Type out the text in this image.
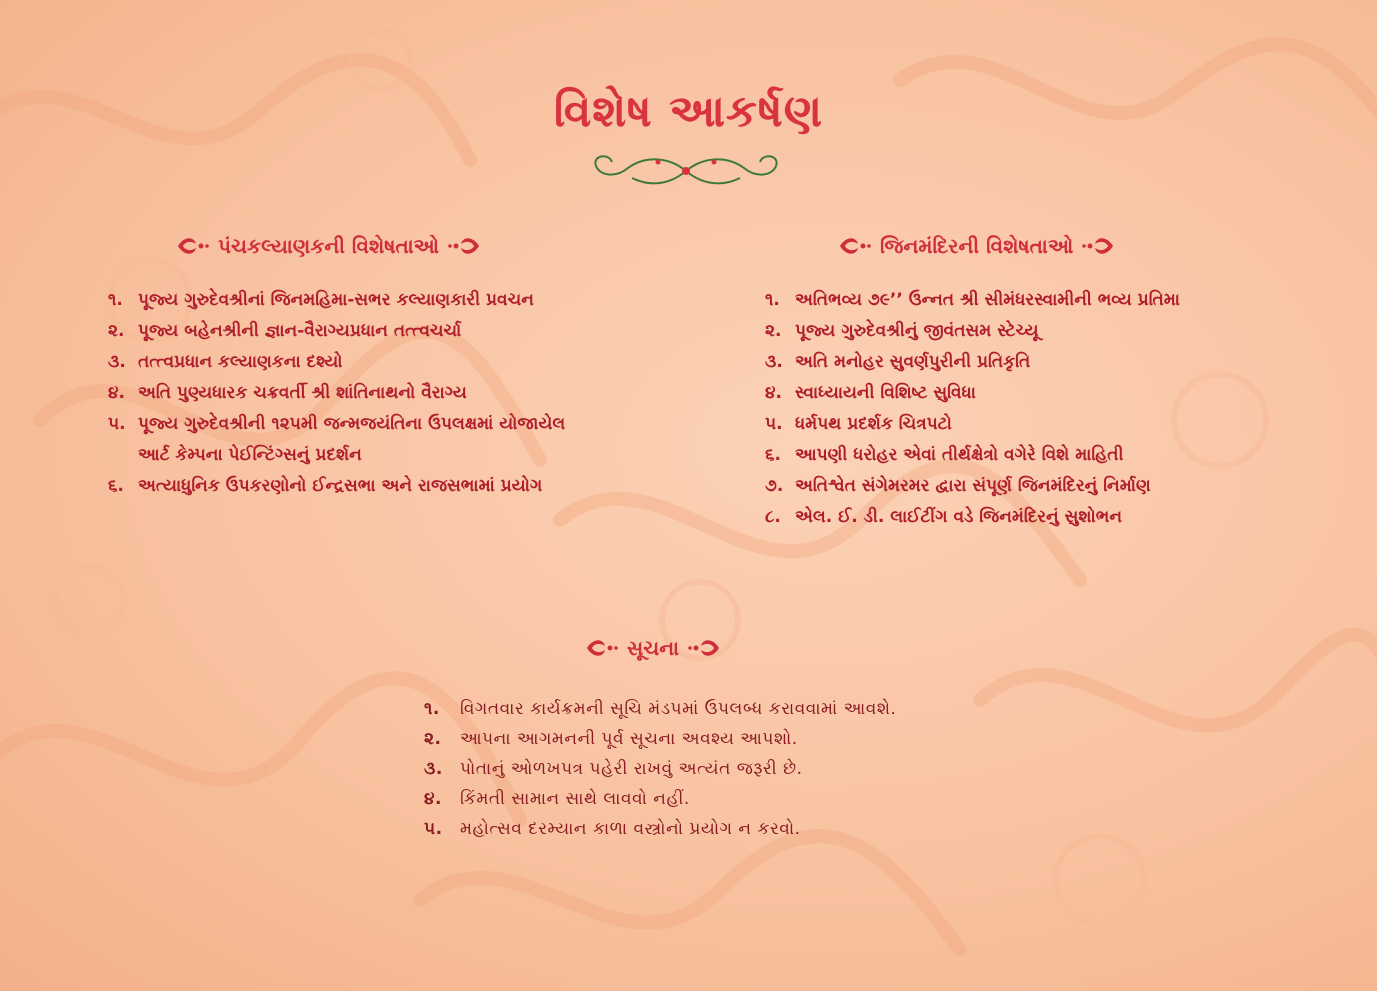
વિશેષ આકર્ષણ
પંચકલ્યાણકની વિશેષતાઓ
૧. પૂજ્ય ગુરુદેવશ્રીનાં જિનમહિમા-સભર કલ્યાણકારી પ્રવચન
૨. પૂજ્ય બહેનશ્રીની જ્ઞાન-વૈરાગ્યપ્રધાન તત્ત્વચર્ચા
૩. તત્ત્વપ્રધાન કલ્યાણકના દશ્યો
૪. અતિ પુણ્યધારક ચક્રવર્તી શ્રી શાંતિનાથનો વૈરાગ્ય
૫. પૂજ્ય ગુરુદેવશ્રીની ૧૨૫મી જન્મજયંતિના ઉપલક્ષમાં યોજાયેલ
આર્ટ કેમ્પના પેઈન્ટિંગ્સનું પ્રદર્શન
૬. અત્યાધુનિક ઉપકરણોનો ઈન્દ્રસભા અને રાજસભામાં પ્રયોગ
જિનમંદિરની વિશેષતાઓ
૧. અતિભવ્ય ૭૯’’ ઉન્નત શ્રી સીમંધરસ્વામીની ભવ્ય પ્રતિમા
૨. પૂજ્ય ગુરુદેવશ્રીનું જીવંતસમ સ્ટેચ્યૂ
૩. અતિ મનોહર સુવર્ણપુરીની પ્રતિકૃતિ
૪. સ્વાધ્યાયની વિશિષ્ટ સુવિધા
૫. ધર્મપથ પ્રદર્શક ચિત્રપટો
૬. આપણી ધરોહર એવાં તીર્થક્ષેત્રો વગેરે વિશે માહિતી
૭. અતિશ્વેત સંગેમરમર દ્વારા સંપૂર્ણ જિનમંદિરનું નિર્માણ
૮. એલ. ઈ. ડી. લાઈટીંગ વડે જિનમંદિરનું સુશોભન
સૂચના
૧.	વિગતવાર કાર્યક્રમની સૂચિ મંડપમાં ઉપલબ્ધ કરાવવામાં આવશે.
૨.	આપના આગમનની પૂર્વ સૂચના અવશ્ય આપશો.
૩.	પોતાનું ઓળખપત્ર પહેરી રાખવું અત્યંત જરૂરી છે.
૪.	કિંમતી સામાન સાથે લાવવો નહીં.
૫.	મહોત્સવ દરમ્યાન કાળા વસ્ત્રોનો પ્રયોગ ન કરવો.
